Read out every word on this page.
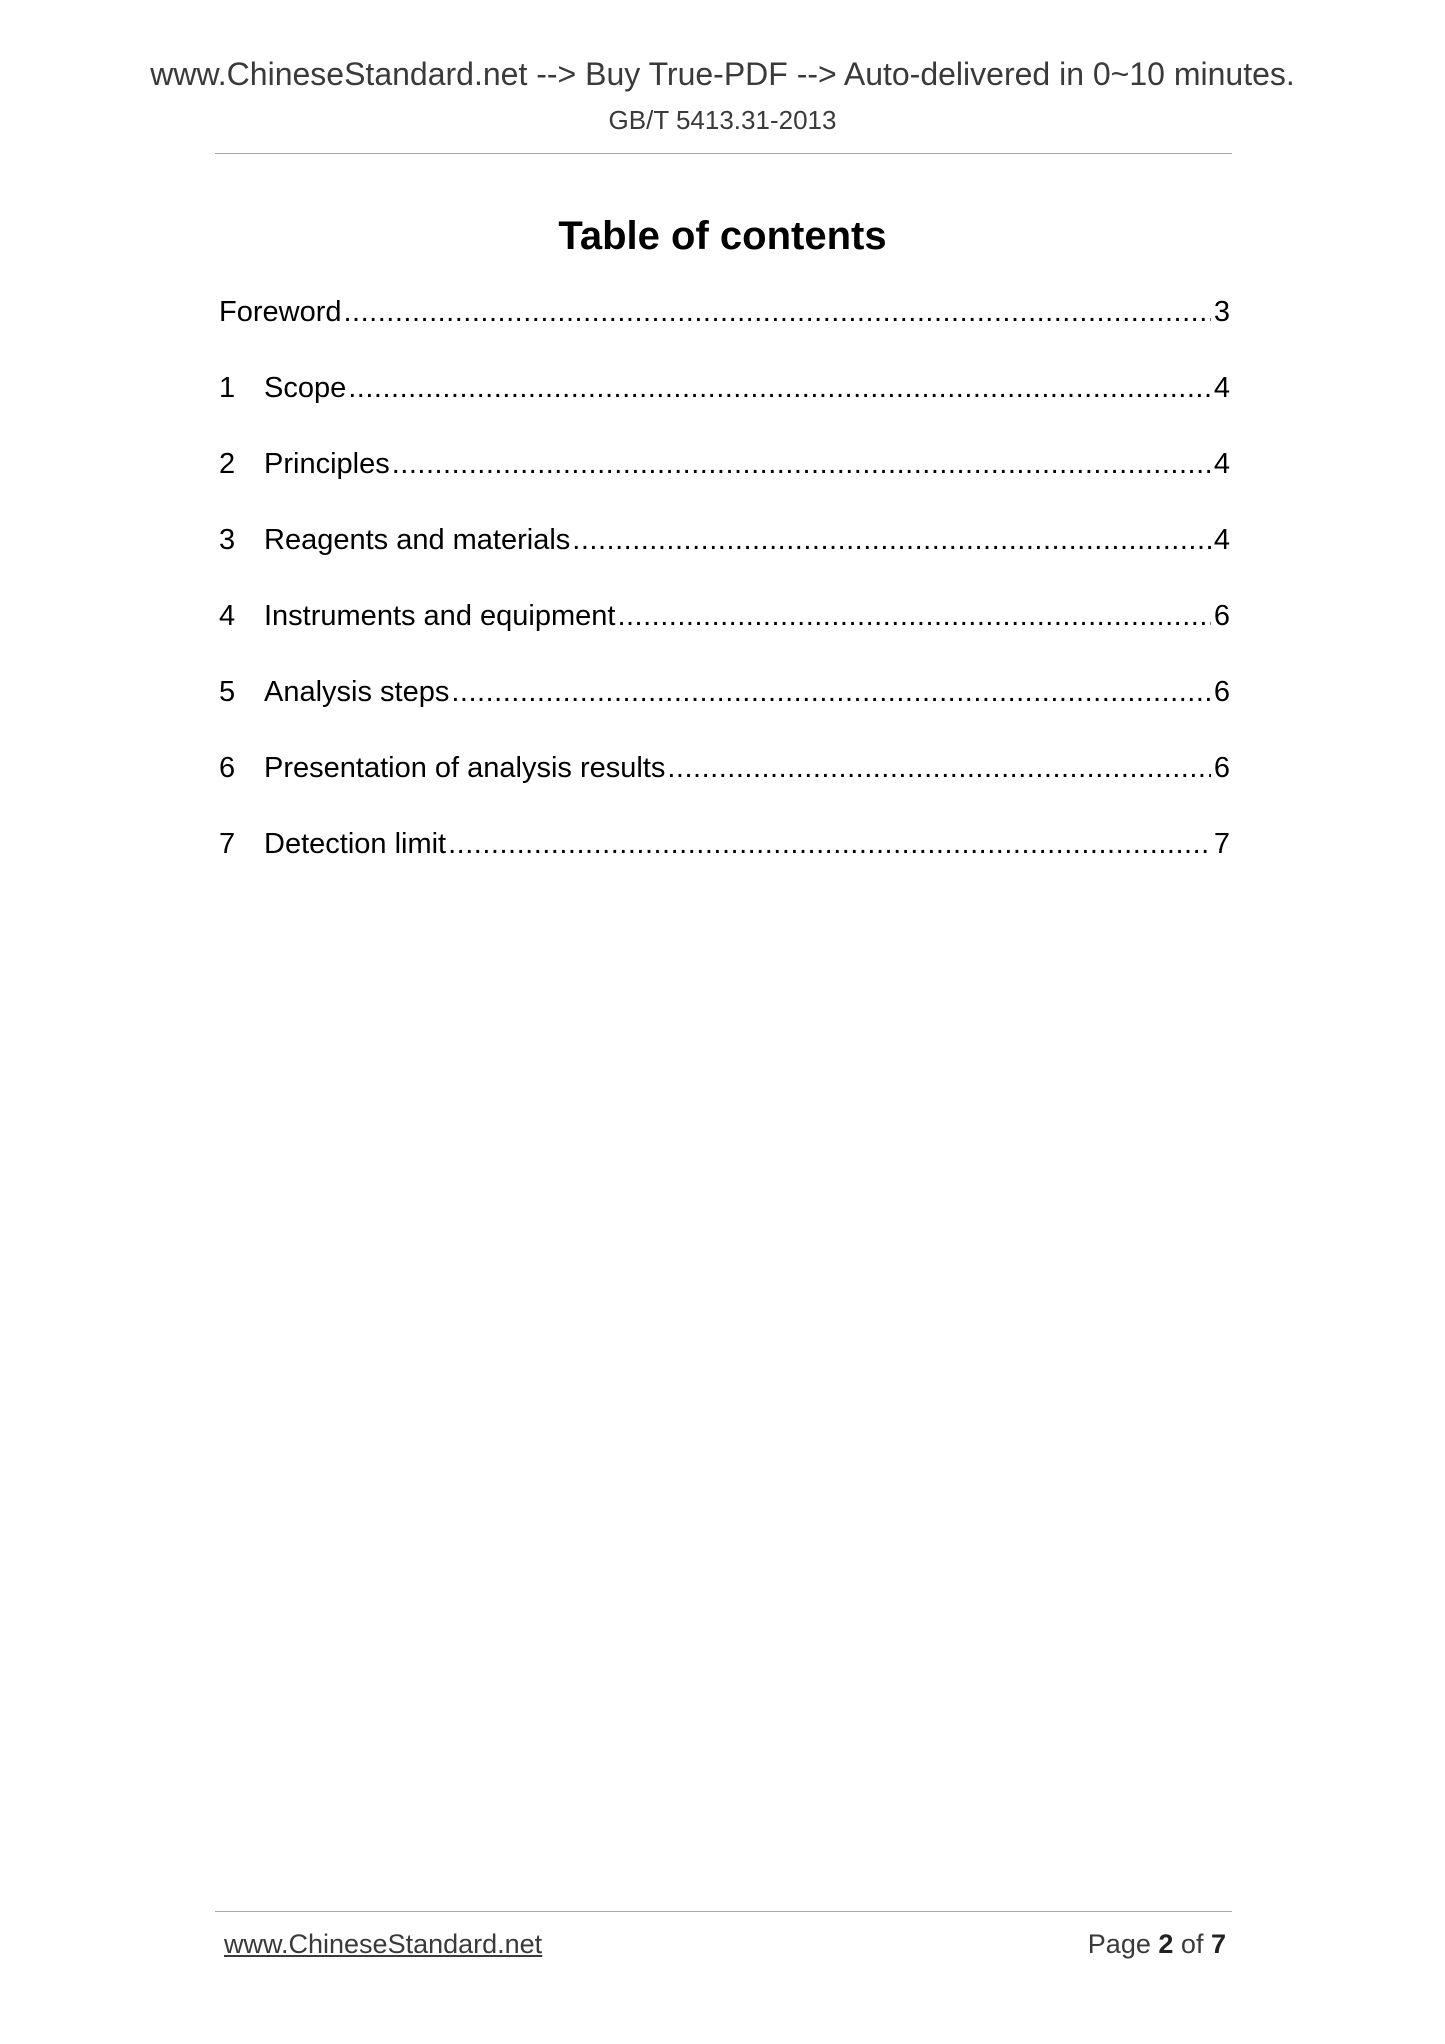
www.ChineseStandard.net --> Buy True-PDF --> Auto-delivered in 0~10 minutes.
GB/T 5413.31-2013
Table of contents
Foreword .....	3
1 Scope .....	4
2 Principles .....	4
3 Reagents and materials .....	4
4 Instruments and equipment .....	6
5 Analysis steps .....	6
6 Presentation of analysis results .....	6
7 Detection limit .....	7
www.ChineseStandard.net	Page 2 of 7
